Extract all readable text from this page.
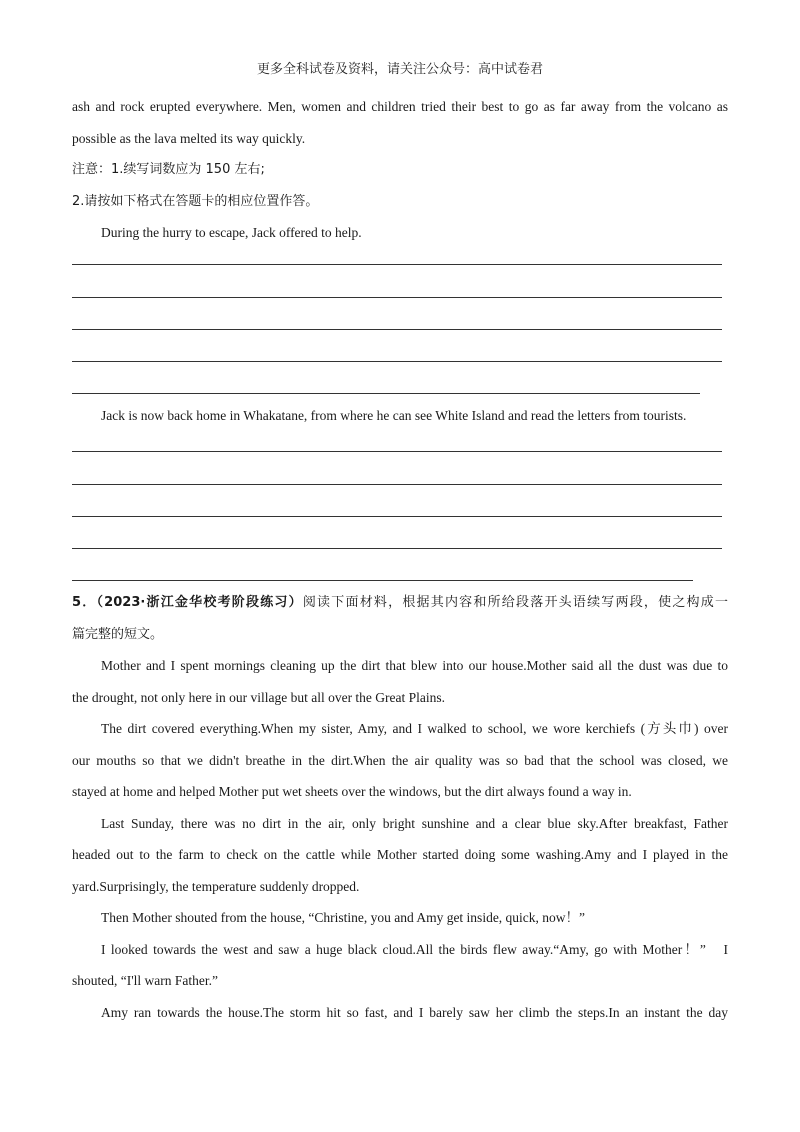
更多全科试卷及资料，请关注公众号：高中试卷君
ash and rock erupted everywhere. Men, women and children tried their best to go as far away from the volcano as
possible as the lava melted its way quickly.
注意：1.续写词数应为 150 左右;
2.请按如下格式在答题卡的相应位置作答。
During the hurry to escape, Jack offered to help.
Jack is now back home in Whakatane, from where he can see White Island and read the letters from tourists.
5．（2023·浙江金华校考阶段练习）阅读下面材料，根据其内容和所给段落开头语续写两段，使之构成一
篇完整的短文。
Mother and I spent mornings cleaning up the dirt that blew into our house.Mother said all the dust was due to
the drought, not only here in our village but all over the Great Plains.
The dirt covered everything.When my sister, Amy, and I walked to school, we wore kerchiefs (方头巾) over
our mouths so that we didn't breathe in the dirt.When the air quality was so bad that the school was closed, we
stayed at home and helped Mother put wet sheets over the windows, but the dirt always found a way in.
Last Sunday, there was no dirt in the air, only bright sunshine and a clear blue sky.After breakfast, Father
headed out to the farm to check on the cattle while Mother started doing some washing.Amy and I played in the
yard.Surprisingly, the temperature suddenly dropped.
Then Mother shouted from the house, “Christine, you and Amy get inside, quick, now！”
I looked towards the west and saw a huge black cloud.All the birds flew away.“Amy, go with Mother！”　I
shouted, “I'll warn Father.”
Amy ran towards the house.The storm hit so fast, and I barely saw her climb the steps.In an instant the day
